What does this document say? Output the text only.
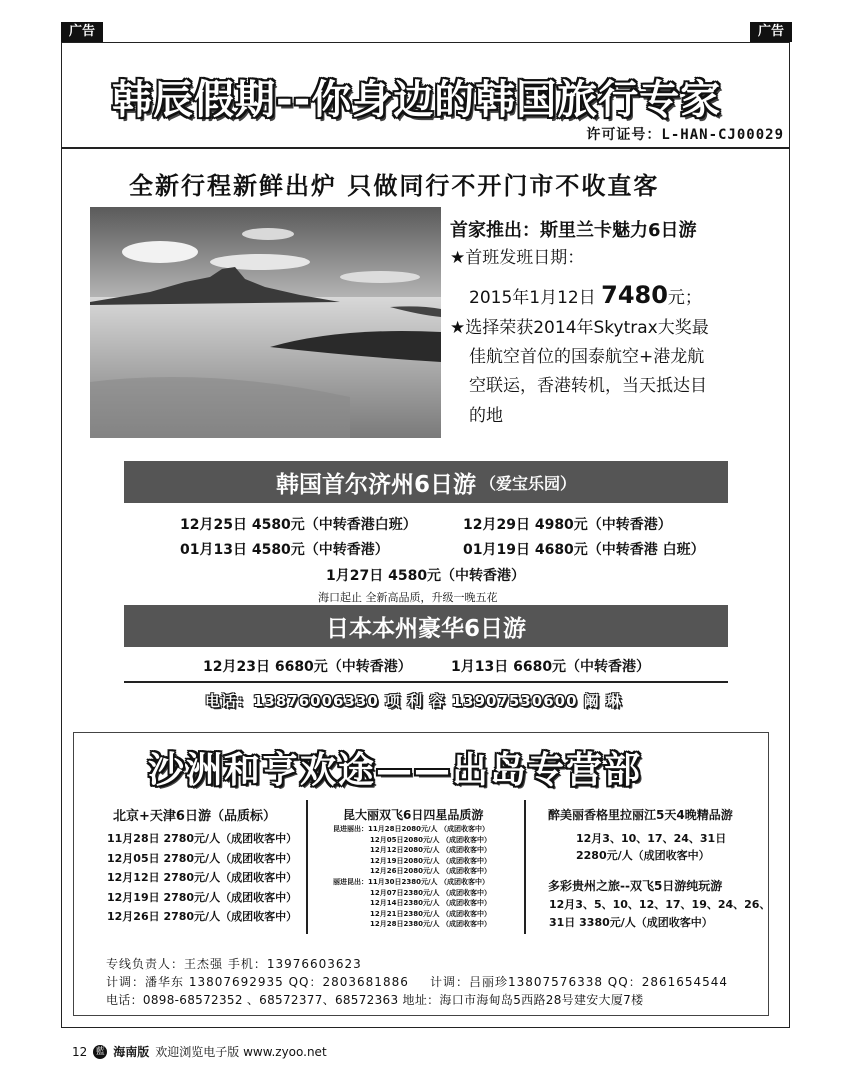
广告	广告
韩辰假期--你身边的韩国旅行专家
许可证号：L-HAN-CJ00029
全新行程新鲜出炉 只做同行不开门市不收直客
首家推出：斯里兰卡魅力6日游
★首班发班日期：
2015年1月12日 7480元；
★选择荣获2014年Skytrax大奖最
佳航空首位的国泰航空+港龙航
空联运，香港转机，当天抵达目
的地
韩国首尔济州6日游 （爱宝乐园）
12月25日 4580元（中转香港白班）	12月29日 4980元（中转香港）
01月13日 4580元（中转香港）	01月19日 4680元（中转香港 白班）
1月27日 4580元（中转香港）
海口起止 全新高品质，升级一晚五花
日本本州豪华6日游
12月23日 6680元（中转香港）	1月13日 6680元（中转香港）
电话：13876006330 项 利 容 13907530600 阚 琳
沙洲和亨欢途——出岛专营部
北京+天津6日游（品质标）
11月28日 2780元/人（成团收客中）
12月05日 2780元/人（成团收客中）
12月12日 2780元/人（成团收客中）
12月19日 2780元/人（成团收客中）
12月26日 2780元/人（成团收客中）
昆大丽双飞6日四星品质游
昆进丽出：11月28日2080元/人 （成团收客中）
12月05日2080元/人 （成团收客中）
12月12日2080元/人 （成团收客中）
12月19日2080元/人 （成团收客中）
12月26日2080元/人 （成团收客中）
丽进昆出：11月30日2380元/人 （成团收客中）
12月07日2380元/人 （成团收客中）
12月14日2380元/人 （成团收客中）
12月21日2380元/人 （成团收客中）
12月28日2380元/人 （成团收客中）
醉美丽香格里拉丽江5天4晚精品游
12月3、10、17、24、31日
2280元/人（成团收客中）
多彩贵州之旅--双飞5日游纯玩游
12月3、5、10、12、17、19、24、26、
31日 3380元/人（成团收客中）
专线负责人：王杰强 手机：13976603623
计调：潘华东 13807692935 QQ：2803681886 计调：吕丽珍13807576338 QQ：2861654544
电话：0898-68572352 、68572377、68572363 地址：海口市海甸岛5西路28号建安大厦7楼
12 藍 海南版 欢迎浏览电子版 www.zyoo.net
